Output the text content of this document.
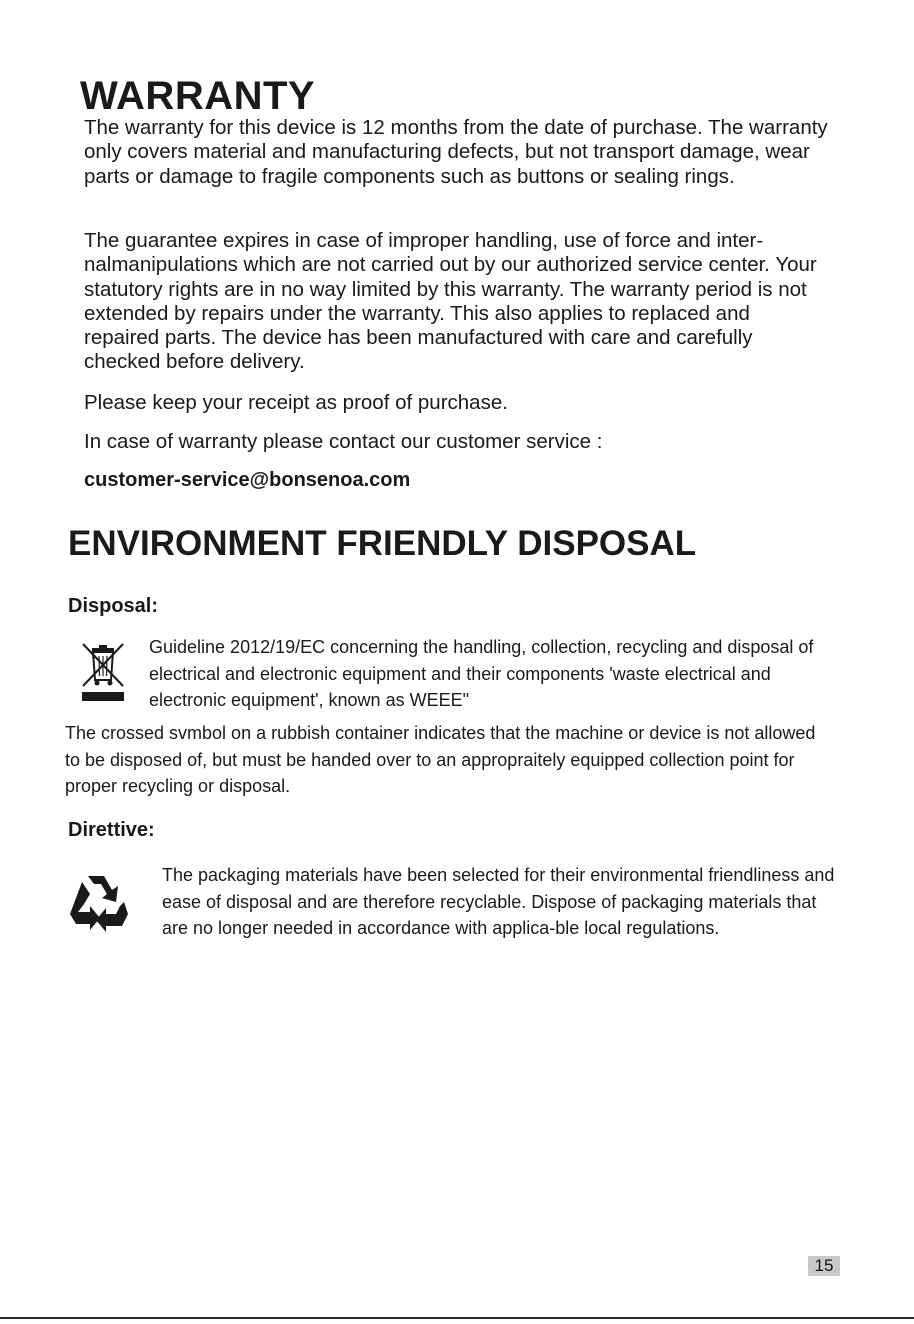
WARRANTY

The warranty for this device is 12 months from the date of purchase. The warranty only covers material and manufacturing defects, but not transport damage, wear parts or damage to fragile components such as buttons or sealing rings.

The guarantee expires in case of improper handling, use of force and inter-nalmanipulations which are not carried out by our authorized service center. Your statutory rights are in no way limited by this warranty. The warranty period is not extended by repairs under the warranty. This also applies to replaced and repaired parts. The device has been manufactured with care and carefully checked before delivery.

Please keep your receipt as proof of purchase.

In case of warranty please contact our customer service :

customer-service@bonsenoa.com

ENVIRONMENT FRIENDLY DISPOSAL
Disposal:

Guideline 2012/19/EC concerning the handling, collection, recycling and disposal of electrical and electronic equipment and their components 'waste electrical and electronic equipment', known as WEEE"

The crossed svmbol on a rubbish container indicates that the machine or device is not allowed to be disposed of, but must be handed over to an appropraitely equipped collection point for proper recycling or disposal.

Direttive:

The packaging materials have been selected for their environmental friendliness and ease of disposal and are therefore recyclable. Dispose of packaging materials that are no longer needed in accordance with applica-ble local regulations.

15
